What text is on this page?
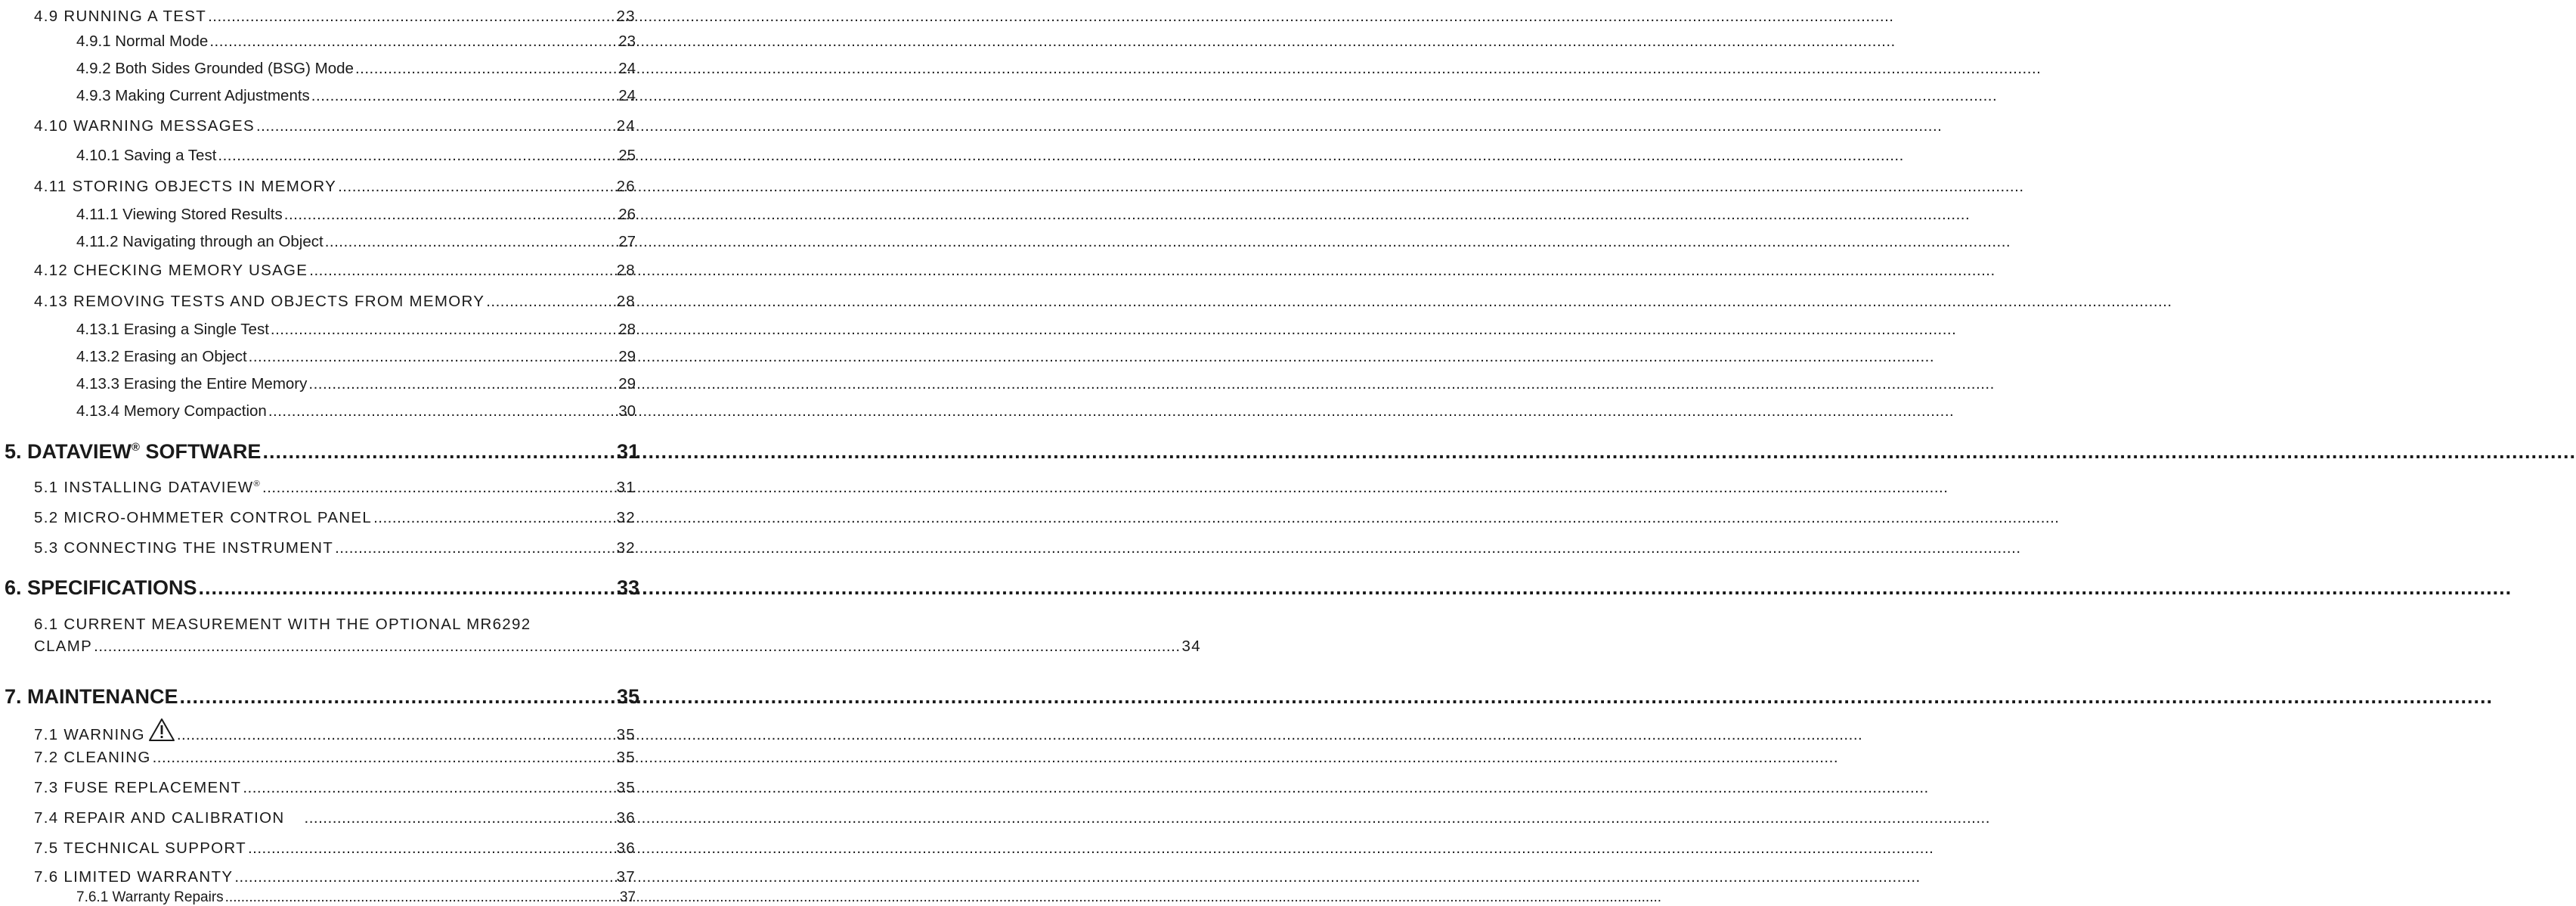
4.9 RUNNING A TEST .....	23
4.9.1 Normal Mode .....	23
4.9.2 Both Sides Grounded (BSG) Mode .....	24
4.9.3 Making Current Adjustments .....	24
4.10 WARNING MESSAGES .....	24
4.10.1 Saving a Test .....	25
4.11 STORING OBJECTS IN MEMORY .....	26
4.11.1 Viewing Stored Results .....	26
4.11.2 Navigating through an Object .....	27
4.12 CHECKING MEMORY USAGE .....	28
4.13 REMOVING TESTS AND OBJECTS FROM MEMORY .....	28
4.13.1 Erasing a Single Test .....	28
4.13.2 Erasing an Object .....	29
4.13.3 Erasing the Entire Memory .....	29
4.13.4 Memory Compaction .....	30
5. DATAVIEW® SOFTWARE .....	31
5.1 INSTALLING DATAVIEW® .....	31
5.2 MICRO-OHMMETER CONTROL PANEL .....	32
5.3 CONNECTING THE INSTRUMENT .....	32
6. SPECIFICATIONS .....	33
6.1 CURRENT MEASUREMENT WITH THE OPTIONAL MR6292
CLAMP ........................................................................................................................................................................................................................................ 34
7. MAINTENANCE .....	35
7.1 WARNING .....	35
7.2 CLEANING .....	35
7.3 FUSE REPLACEMENT .....	35
7.4 REPAIR AND CALIBRATION .....	36
7.5 TECHNICAL SUPPORT .....	36
7.6 LIMITED WARRANTY .....	37
7.6.1 Warranty Repairs .....	37
